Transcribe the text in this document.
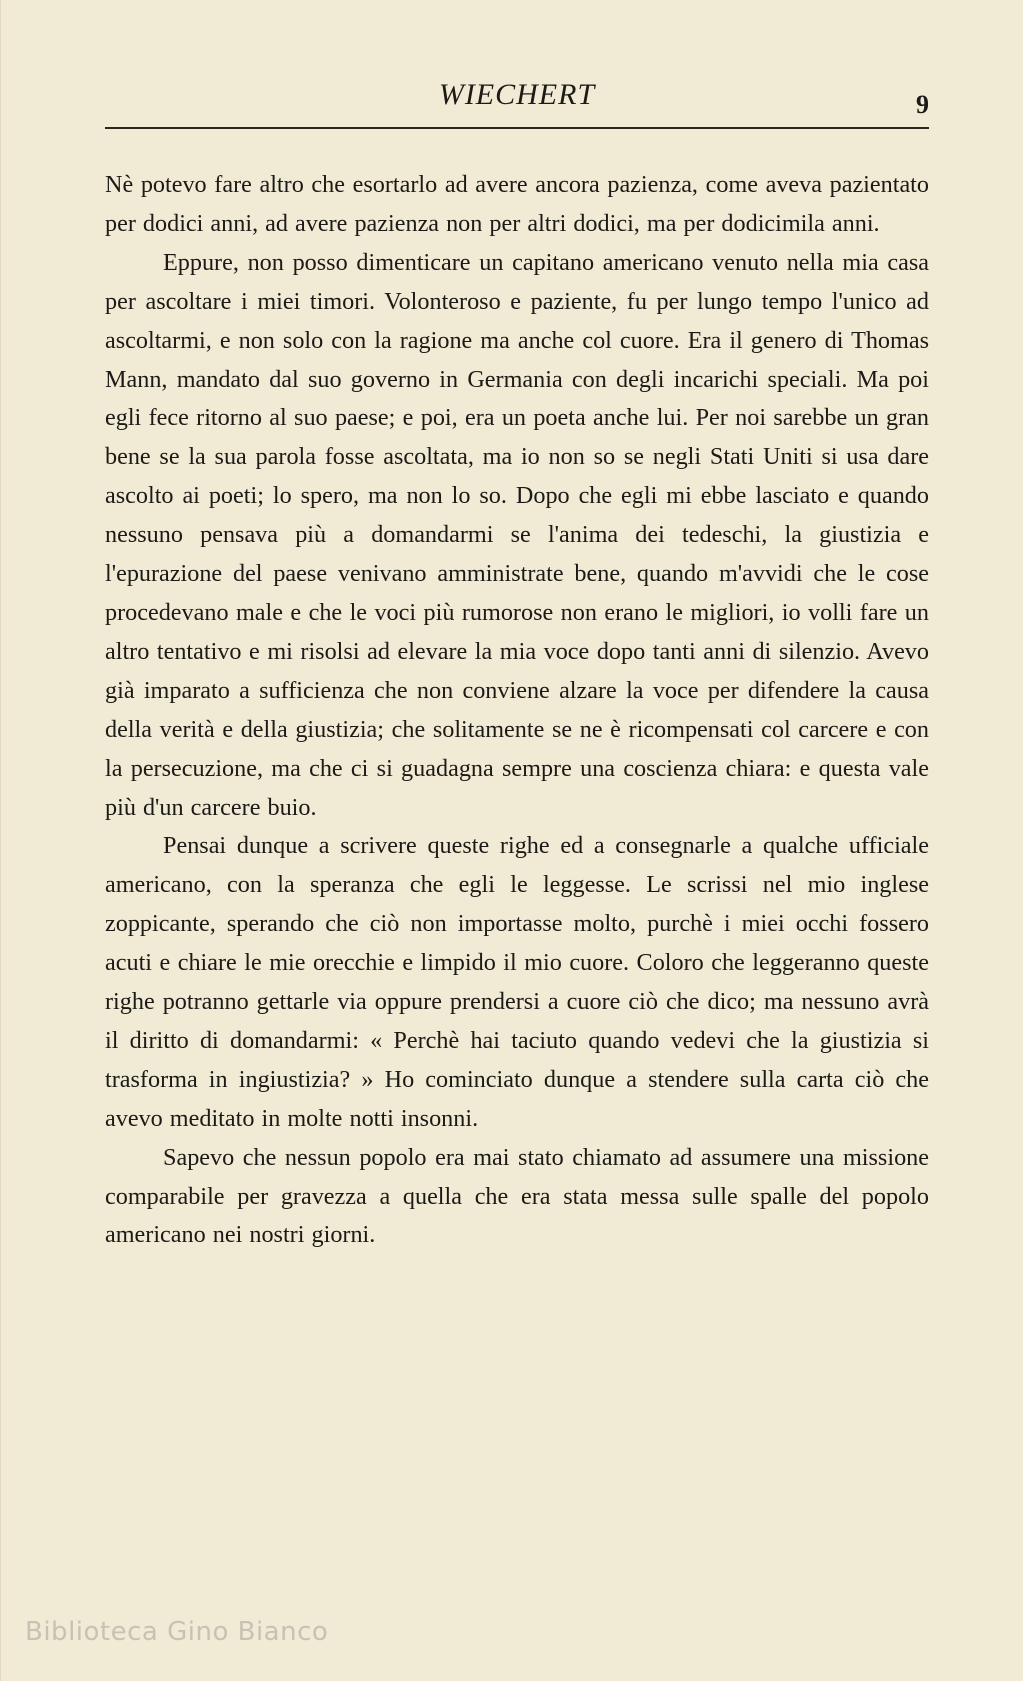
WIECHERT	9

Nè potevo fare altro che esortarlo ad avere ancora pazienza, come aveva pazientato per dodici anni, ad avere pazienza non per altri dodici, ma per dodicimila anni.

Eppure, non posso dimenticare un capitano americano venuto nella mia casa per ascoltare i miei timori. Volonteroso e paziente, fu per lungo tempo l'unico ad ascoltarmi, e non solo con la ragione ma anche col cuore. Era il genero di Thomas Mann, mandato dal suo governo in Germania con degli incarichi speciali. Ma poi egli fece ritorno al suo paese; e poi, era un poeta anche lui. Per noi sarebbe un gran bene se la sua parola fosse ascoltata, ma io non so se negli Stati Uniti si usa dare ascolto ai poeti; lo spero, ma non lo so. Dopo che egli mi ebbe lasciato e quando nessuno pensava più a domandarmi se l'anima dei tedeschi, la giustizia e l'epurazione del paese venivano amministrate bene, quando m'avvidi che le cose procedevano male e che le voci più rumorose non erano le migliori, io volli fare un altro tentativo e mi risolsi ad elevare la mia voce dopo tanti anni di silenzio. Avevo già imparato a sufficienza che non conviene alzare la voce per difendere la causa della verità e della giustizia; che solitamente se ne è ricompensati col carcere e con la persecuzione, ma che ci si guadagna sempre una coscienza chiara: e questa vale più d'un carcere buio.

Pensai dunque a scrivere queste righe ed a consegnarle a qualche ufficiale americano, con la speranza che egli le leggesse. Le scrissi nel mio inglese zoppicante, sperando che ciò non importasse molto, purchè i miei occhi fossero acuti e chiare le mie orecchie e limpido il mio cuore. Coloro che leggeranno queste righe potranno gettarle via oppure prendersi a cuore ciò che dico; ma nessuno avrà il diritto di domandarmi: « Perchè hai taciuto quando vedevi che la giustizia si trasforma in ingiustizia? » Ho cominciato dunque a stendere sulla carta ciò che avevo meditato in molte notti insonni.

Sapevo che nessun popolo era mai stato chiamato ad assumere una missione comparabile per gravezza a quella che era stata messa sulle spalle del popolo americano nei nostri giorni.

Biblioteca Gino Bianco
